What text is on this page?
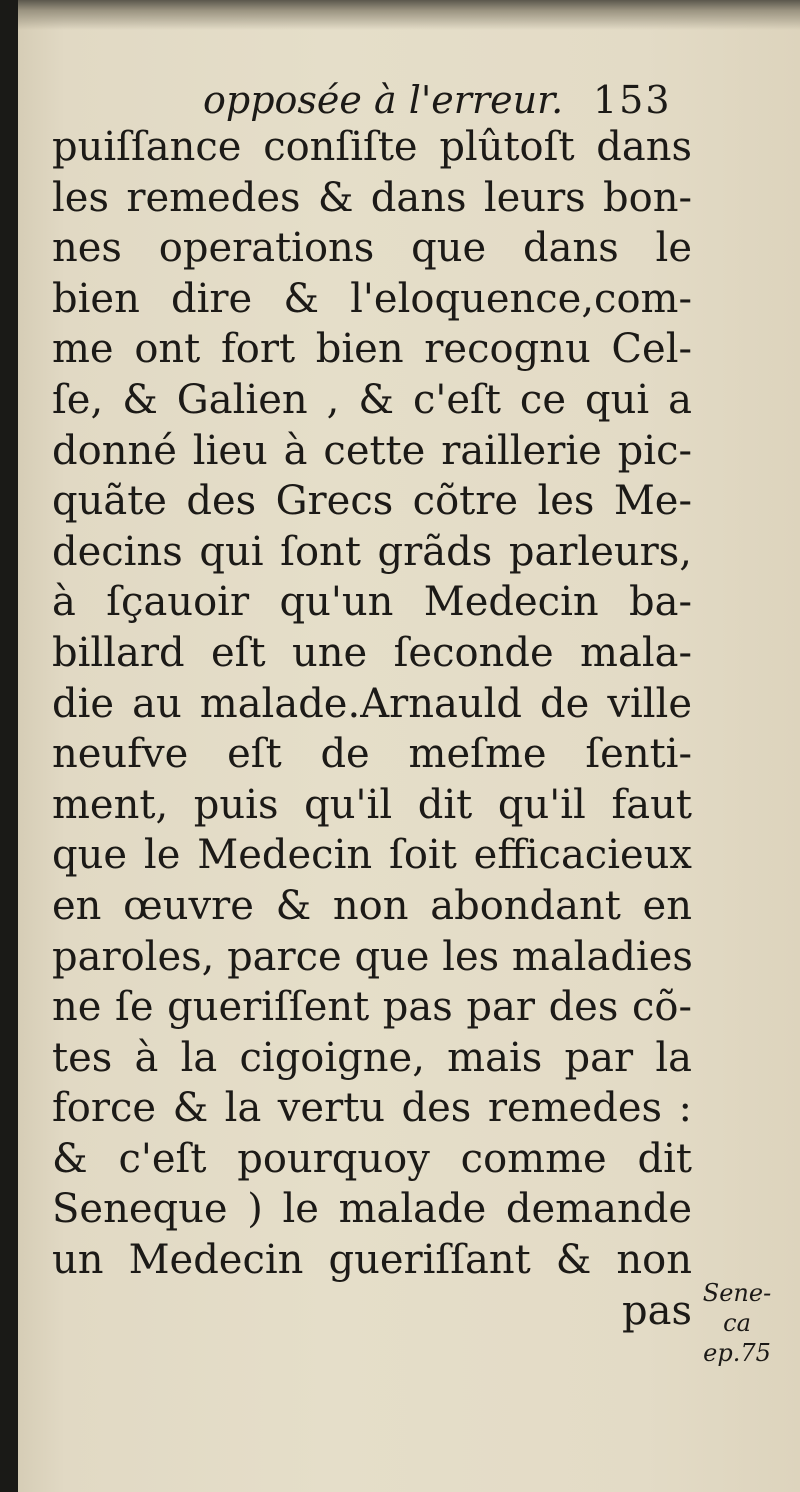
opposée à l'erreur. 153
puiſſance conſiſte plûtoſt dans
les remedes & dans leurs bon-
nes operations que dans le
bien dire & l'eloquence,com-
me ont fort bien recognu Cel-
ſe, & Galien , & c'eſt ce qui a
donné lieu à cette raillerie pic-
quãte des Grecs cõtre les Me-
decins qui ſont grãds parleurs,
à ſçauoir qu'un Medecin ba-
billard eſt une ſeconde mala-
die au malade.Arnauld de ville
neufve eſt de meſme ſenti-
ment, puis qu'il dit qu'il faut
que le Medecin ſoit efficacieux
en œuvre & non abondant en
paroles, parce que les maladies
ne ſe gueriſſent pas par des cõ-
tes à la cigoigne, mais par la
force & la vertu des remedes :
& c'eſt pourquoy comme dit
Seneque ) le malade demande
un Medecin gueriſſant & non
pas Sene-
ca
ep.75
